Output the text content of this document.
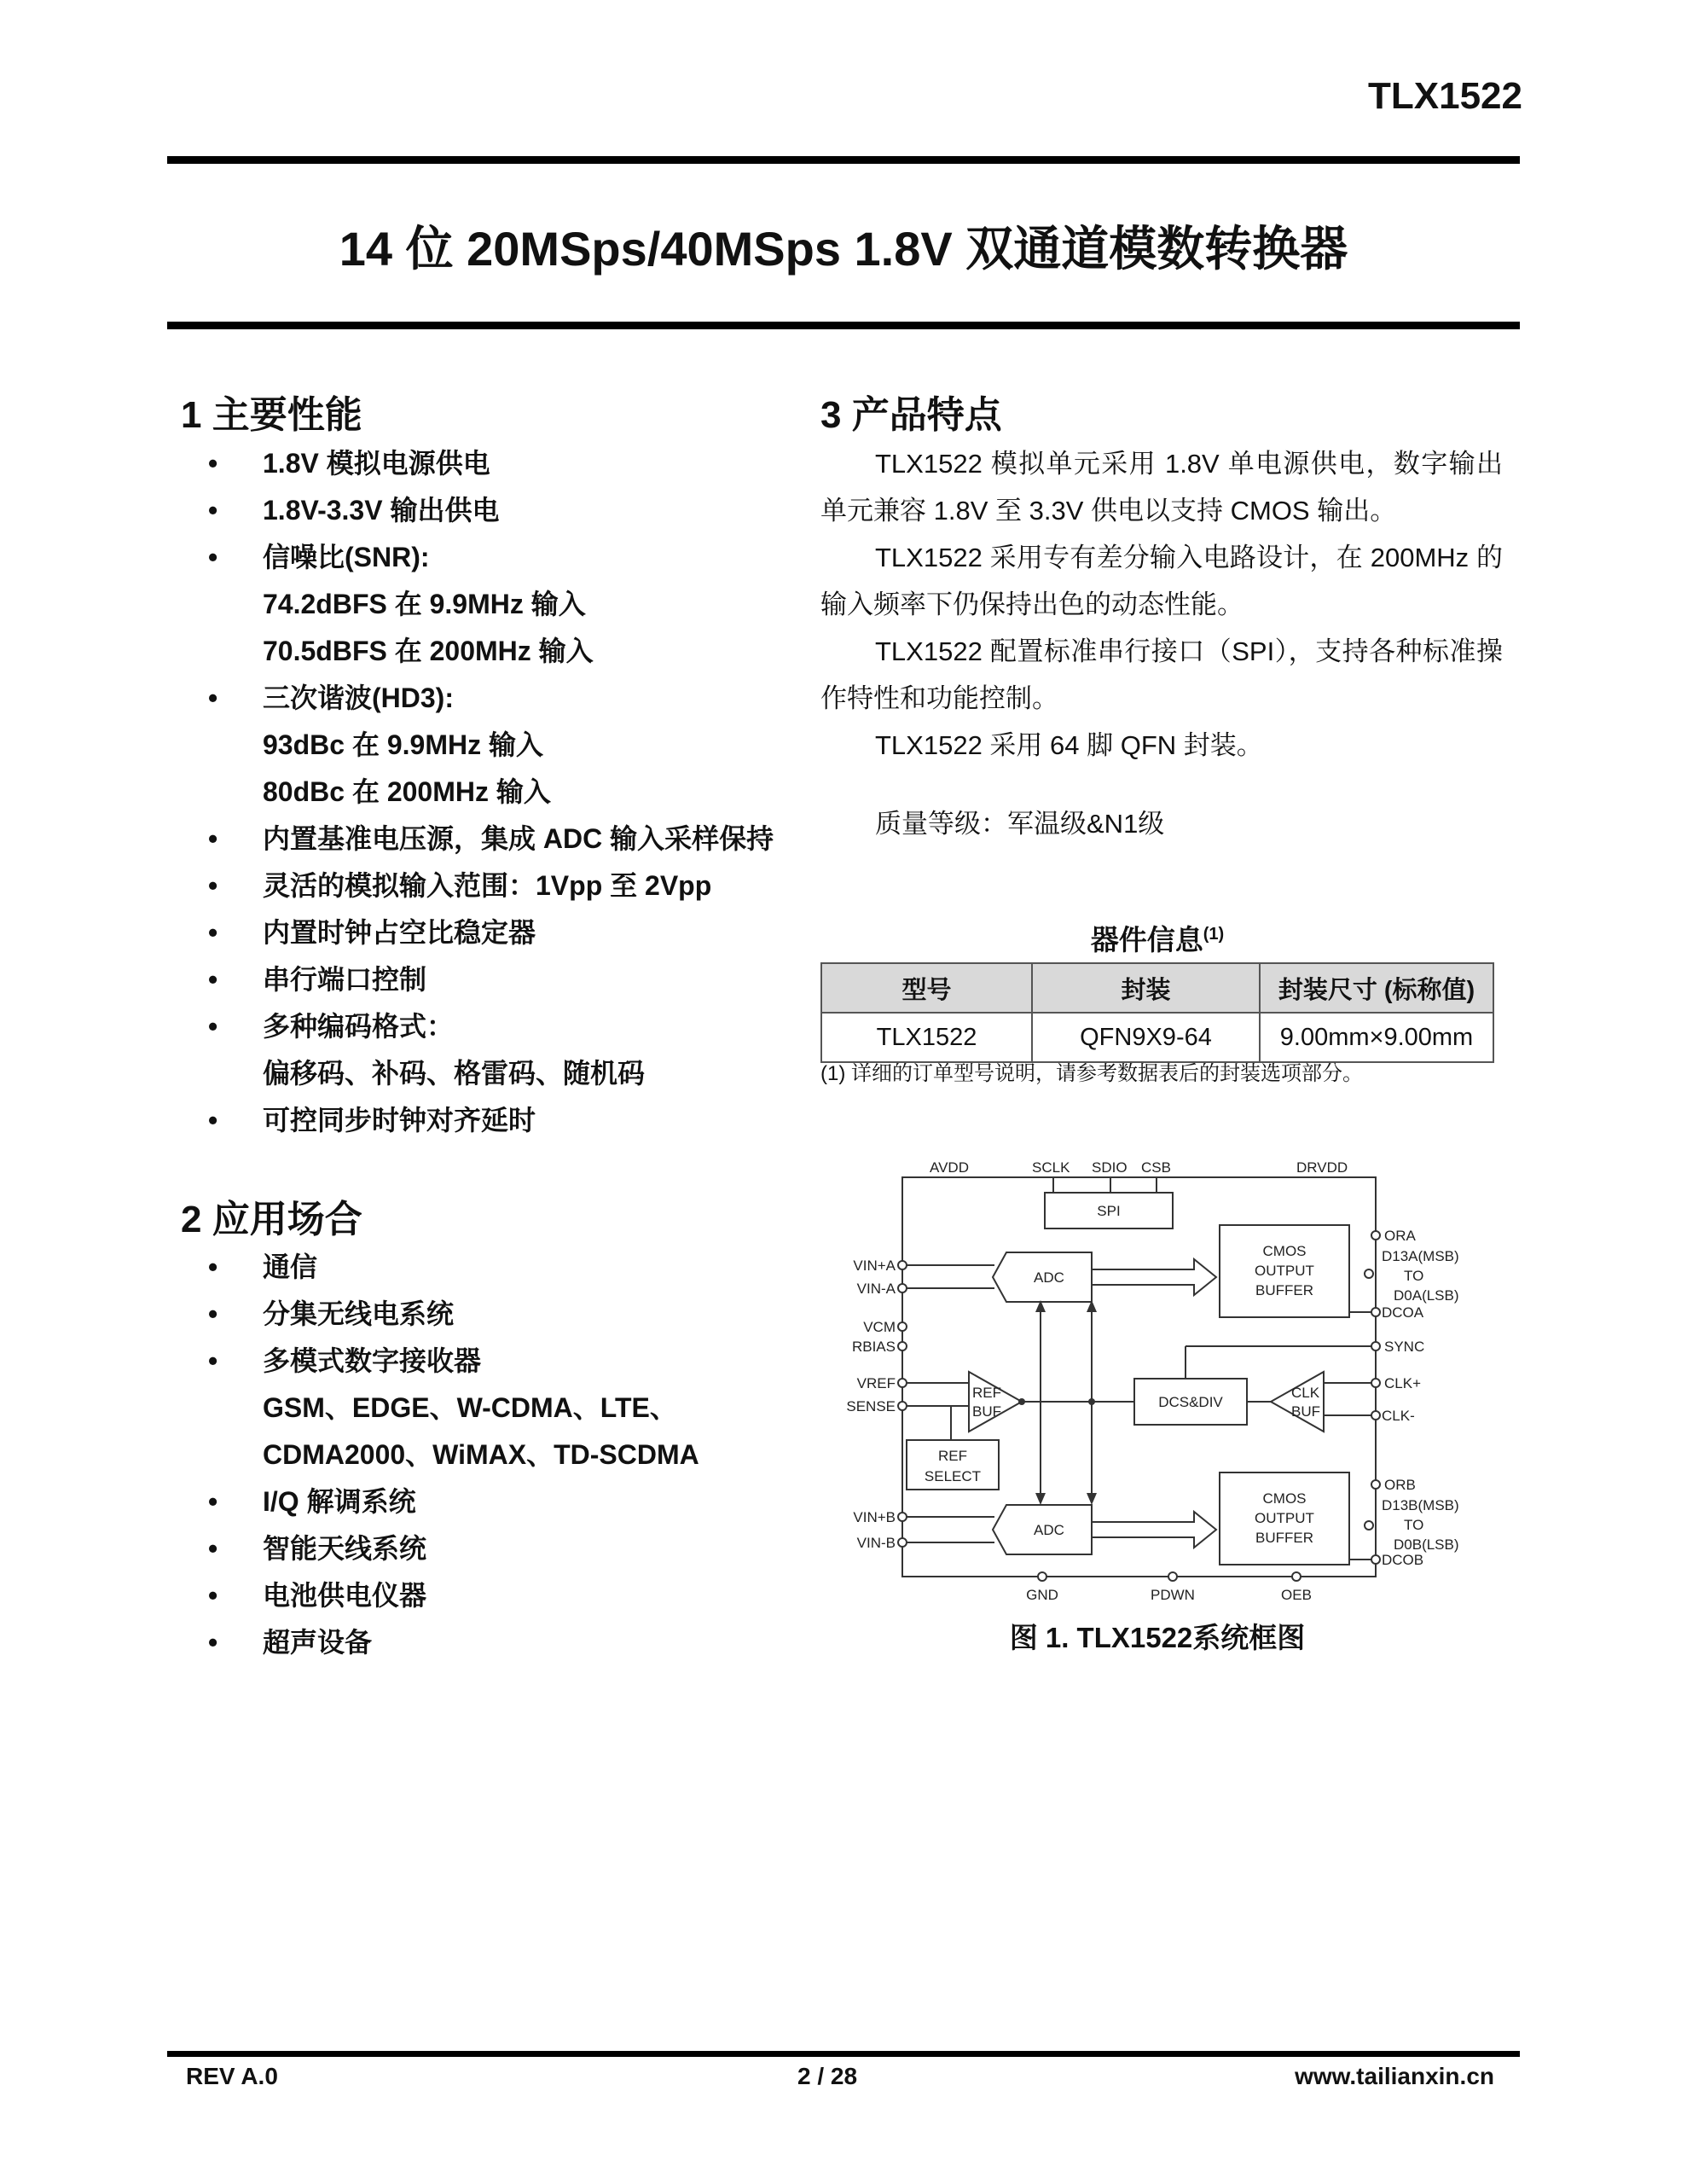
TLX1522
14 位 20MSps/40MSps 1.8V 双通道模数转换器
1 主要性能
• 1.8V 模拟电源供电
• 1.8V-3.3V 输出供电
• 信噪比(SNR):
74.2dBFS 在 9.9MHz 输入
70.5dBFS 在 200MHz 输入
• 三次谐波(HD3):
93dBc 在 9.9MHz 输入
80dBc 在 200MHz 输入
• 内置基准电压源，集成 ADC 输入采样保持
• 灵活的模拟输入范围：1Vpp 至 2Vpp
• 内置时钟占空比稳定器
• 串行端口控制
• 多种编码格式：
偏移码、补码、格雷码、随机码
• 可控同步时钟对齐延时
2 应用场合
• 通信
• 分集无线电系统
• 多模式数字接收器
GSM、EDGE、W-CDMA、LTE、
CDMA2000、WiMAX、TD-SCDMA
• I/Q 解调系统
• 智能天线系统
• 电池供电仪器
• 超声设备
3 产品特点

TLX1522 模拟单元采用 1.8V 单电源供电，数字输出单元兼容 1.8V 至 3.3V 供电以支持 CMOS 输出。

TLX1522 采用专有差分输入电路设计，在 200MHz 的输入频率下仍保持出色的动态性能。

TLX1522 配置标准串行接口（SPI），支持各种标准操作特性和功能控制。

TLX1522 采用 64 脚 QFN 封装。

质量等级：军温级&N1级
器件信息$^{(1)}$
型号	封装	封装尺寸 (标称值)
TLX1522	QFN9X9-64	9.00mm×9.00mm
(1) 详细的订单型号说明，请参考数据表后的封装选项部分。
AVDD	SCLK SDIO CSB	DRVDD
VIN+A
VIN-A
VCM
RBIAS
VREF
SENSE
VIN+B
VIN-B
ORA
D13A(MSB)
TO
D0A(LSB)
DCOA
SYNC
CLK+
CLK-
ORB
D13B(MSB)
TO
D0B(LSB)
DCOB
GND	PDWN	OEB
SPI
ADC
ADC
CMOS
OUTPUT
BUFFER
CMOS
OUTPUT
BUFFER
REF
BUF
DCS&DIV
CLK
BUF
REF
SELECT
图 1. TLX1522系统框图
REV A.0	2 / 28	www.tailianxin.cn
